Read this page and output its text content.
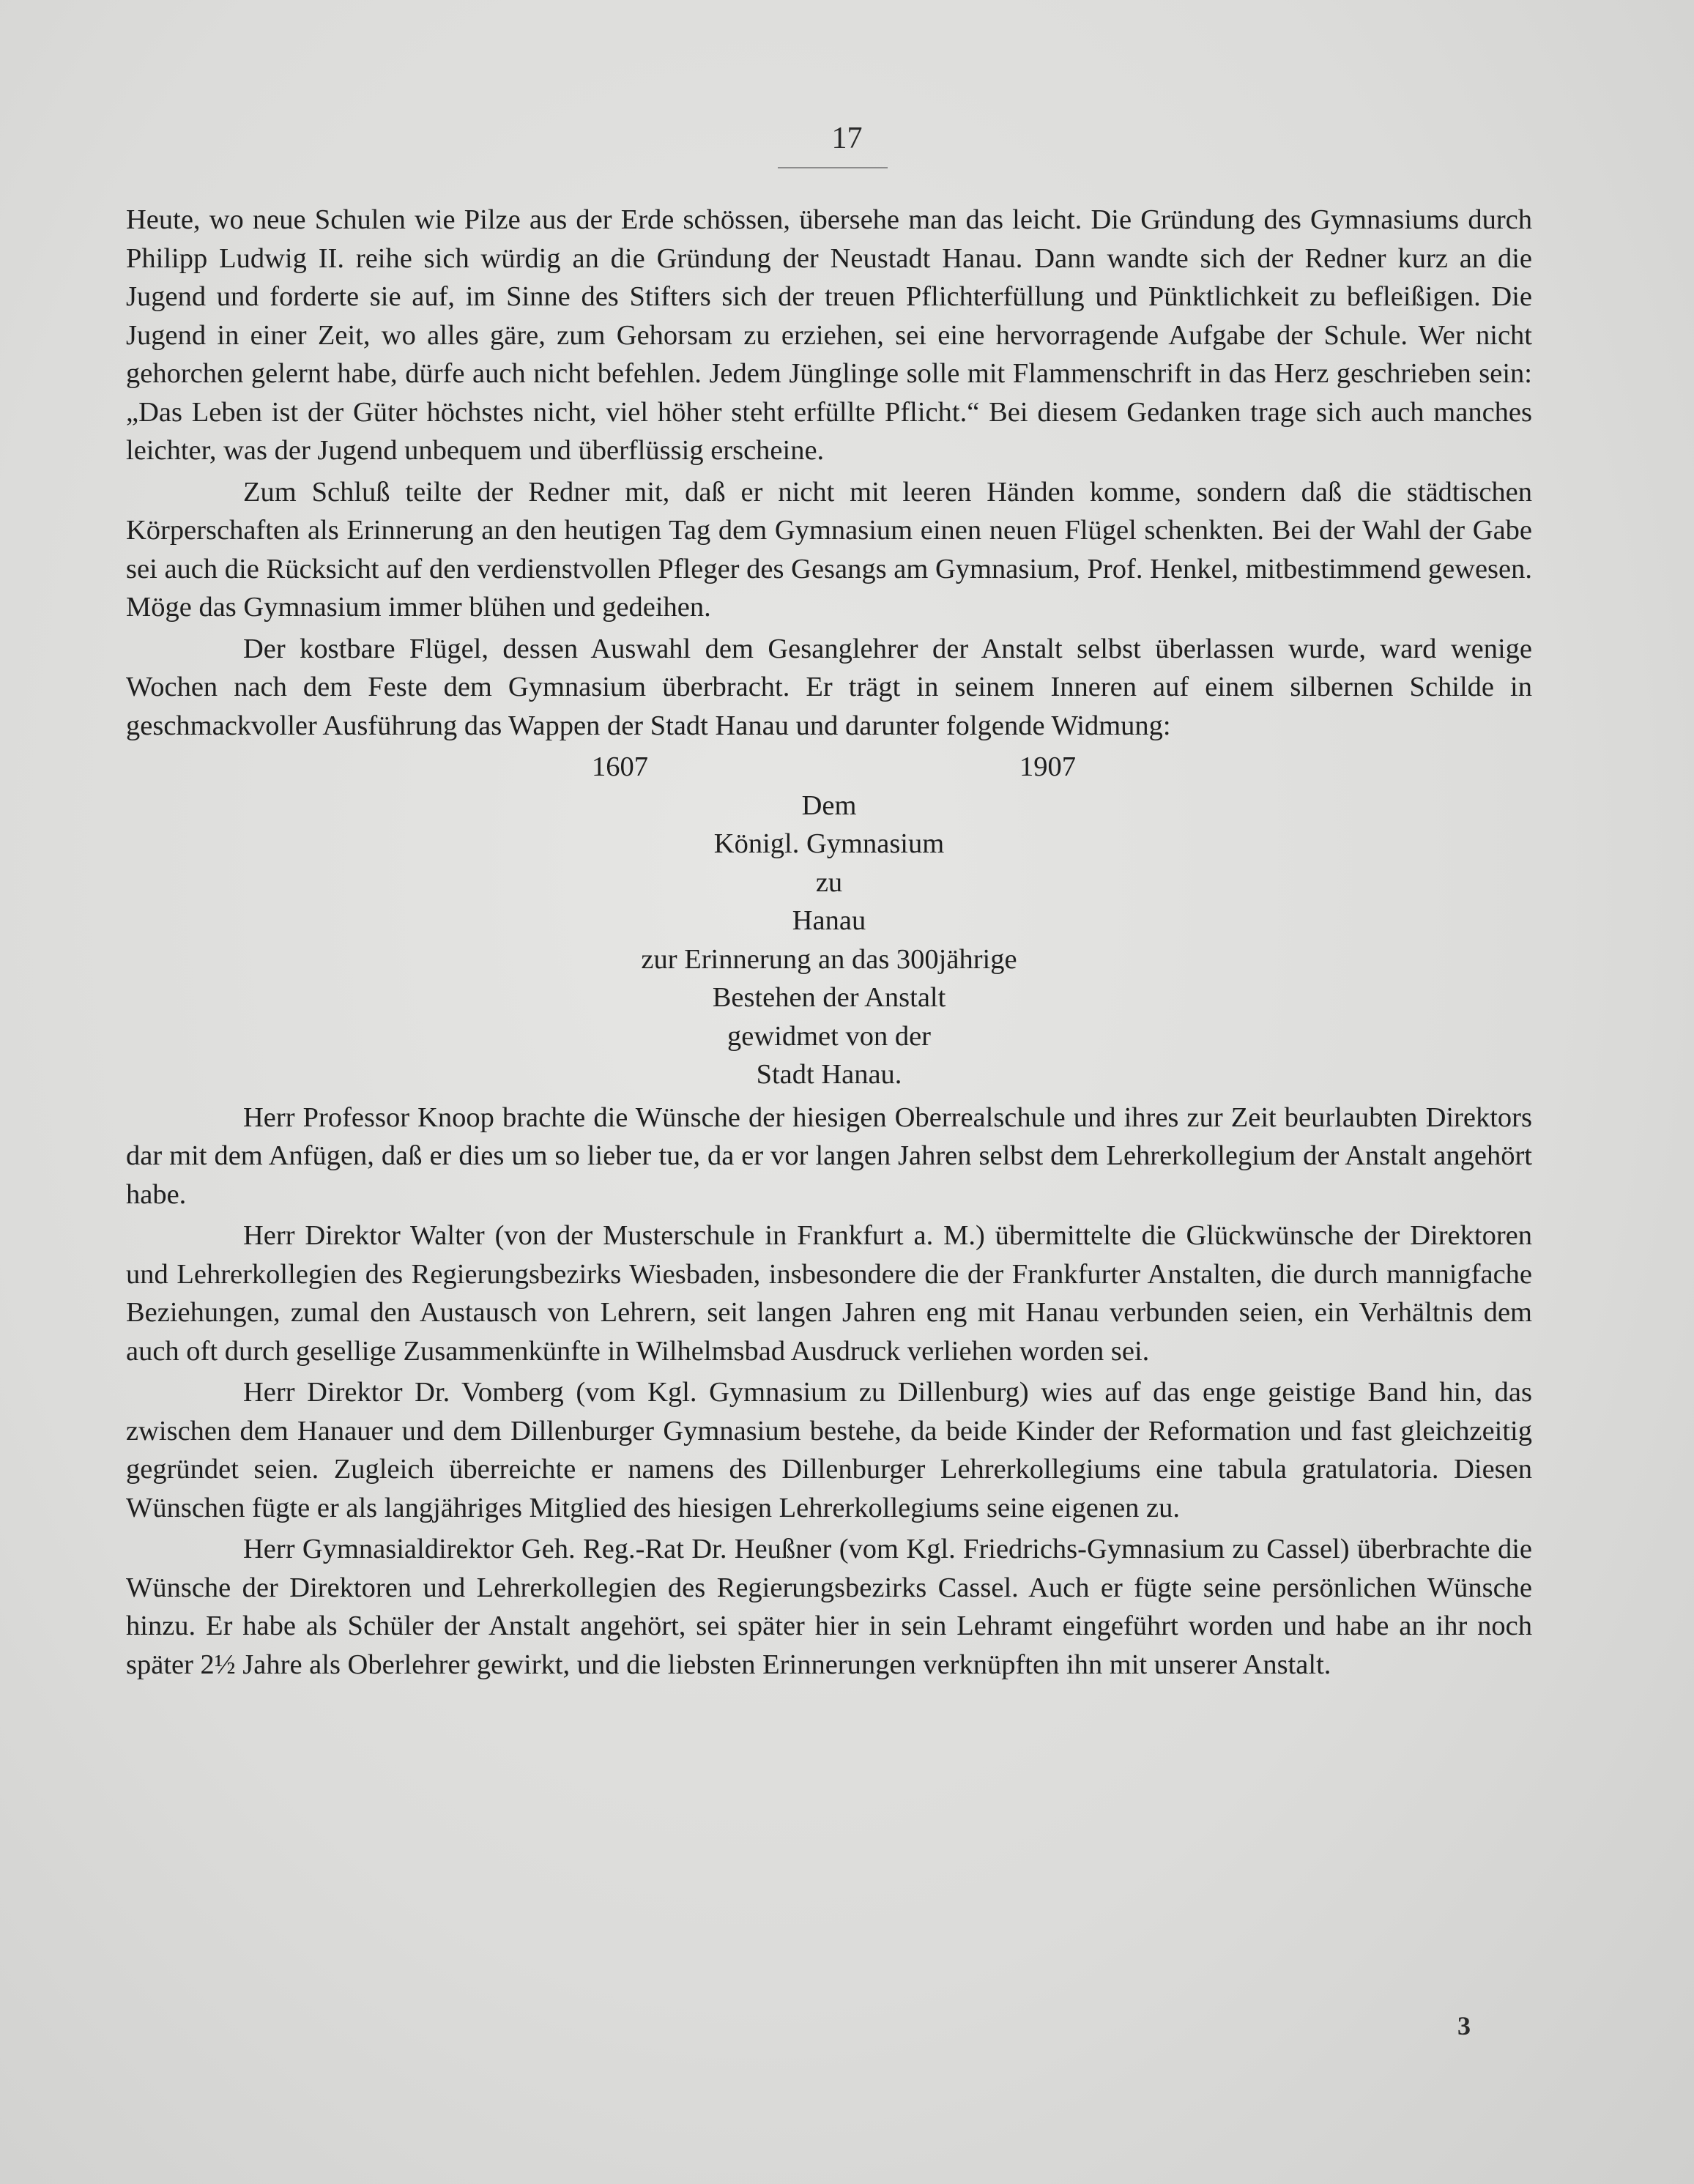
17

Heute, wo neue Schulen wie Pilze aus der Erde schössen, übersehe man das leicht. Die Gründung des Gymnasiums durch Philipp Ludwig II. reihe sich würdig an die Gründung der Neustadt Hanau. Dann wandte sich der Redner kurz an die Jugend und forderte sie auf, im Sinne des Stifters sich der treuen Pflichterfüllung und Pünktlichkeit zu befleißigen. Die Jugend in einer Zeit, wo alles gäre, zum Gehorsam zu erziehen, sei eine hervorragende Aufgabe der Schule. Wer nicht gehorchen gelernt habe, dürfe auch nicht befehlen. Jedem Jünglinge solle mit Flammenschrift in das Herz geschrieben sein: „Das Leben ist der Güter höchstes nicht, viel höher steht erfüllte Pflicht.“ Bei diesem Gedanken trage sich auch manches leichter, was der Jugend unbequem und überflüssig erscheine.

Zum Schluß teilte der Redner mit, daß er nicht mit leeren Händen komme, sondern daß die städtischen Körperschaften als Erinnerung an den heutigen Tag dem Gymnasium einen neuen Flügel schenkten. Bei der Wahl der Gabe sei auch die Rücksicht auf den verdienstvollen Pfleger des Gesangs am Gymnasium, Prof. Henkel, mitbestimmend gewesen. Möge das Gymnasium immer blühen und gedeihen.

Der kostbare Flügel, dessen Auswahl dem Gesanglehrer der Anstalt selbst überlassen wurde, ward wenige Wochen nach dem Feste dem Gymnasium überbracht. Er trägt in seinem Inneren auf einem silbernen Schilde in geschmackvoller Ausführung das Wappen der Stadt Hanau und darunter folgende Widmung:

1607	1907
Dem
Königl. Gymnasium
zu
Hanau
zur Erinnerung an das 300jährige
Bestehen der Anstalt
gewidmet von der
Stadt Hanau.

Herr Professor Knoop brachte die Wünsche der hiesigen Oberrealschule und ihres zur Zeit beurlaubten Direktors dar mit dem Anfügen, daß er dies um so lieber tue, da er vor langen Jahren selbst dem Lehrerkollegium der Anstalt angehört habe.

Herr Direktor Walter (von der Musterschule in Frankfurt a. M.) übermittelte die Glückwünsche der Direktoren und Lehrerkollegien des Regierungsbezirks Wiesbaden, insbesondere die der Frankfurter Anstalten, die durch mannigfache Beziehungen, zumal den Austausch von Lehrern, seit langen Jahren eng mit Hanau verbunden seien, ein Verhältnis dem auch oft durch gesellige Zusammenkünfte in Wilhelmsbad Ausdruck verliehen worden sei.

Herr Direktor Dr. Vomberg (vom Kgl. Gymnasium zu Dillenburg) wies auf das enge geistige Band hin, das zwischen dem Hanauer und dem Dillenburger Gymnasium bestehe, da beide Kinder der Reformation und fast gleichzeitig gegründet seien. Zugleich überreichte er namens des Dillenburger Lehrerkollegiums eine tabula gratulatoria. Diesen Wünschen fügte er als langjähriges Mitglied des hiesigen Lehrerkollegiums seine eigenen zu.

Herr Gymnasialdirektor Geh. Reg.-Rat Dr. Heußner (vom Kgl. Friedrichs-Gymnasium zu Cassel) überbrachte die Wünsche der Direktoren und Lehrerkollegien des Regierungsbezirks Cassel. Auch er fügte seine persönlichen Wünsche hinzu. Er habe als Schüler der Anstalt angehört, sei später hier in sein Lehramt eingeführt worden und habe an ihr noch später 2½ Jahre als Oberlehrer gewirkt, und die liebsten Erinnerungen verknüpften ihn mit unserer Anstalt.

3
